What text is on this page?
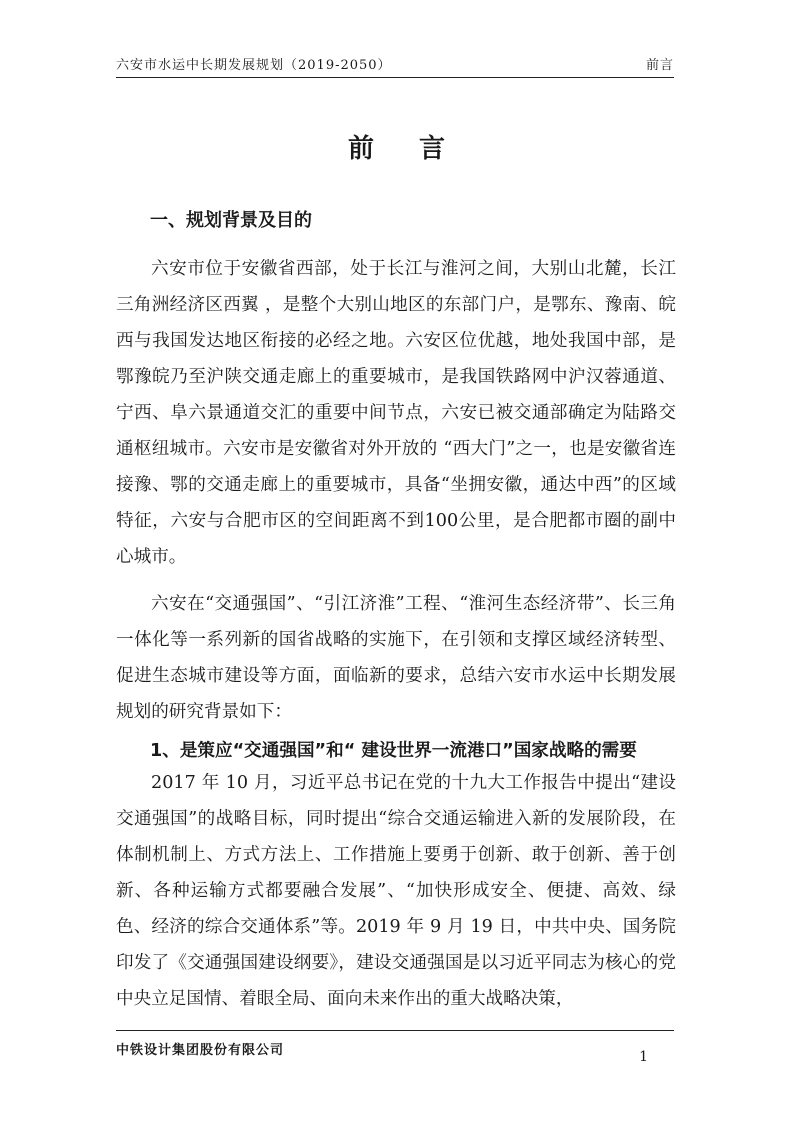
六安市水运中长期发展规划（2019-2050）	前言
前 言
一、规划背景及目的

六安市位于安徽省西部，处于长江与淮河之间，大别山北麓，长江三角洲经济区西翼 ，是整个大别山地区的东部门户，是鄂东、豫南、皖西与我国发达地区衔接的必经之地。六安区位优越，地处我国中部，是鄂豫皖乃至沪陕交通走廊上的重要城市，是我国铁路网中沪汉蓉通道、宁西、阜六景通道交汇的重要中间节点，六安已被交通部确定为陆路交通枢纽城市。六安市是安徽省对外开放的 “西大门”之一，也是安徽省连接豫、鄂的交通走廊上的重要城市，具备“坐拥安徽，通达中西”的区域特征，六安与合肥市区的空间距离不到100公里，是合肥都市圈的副中心城市。

六安在“交通强国”、“引江济淮”工程、“淮河生态经济带”、长三角一体化等一系列新的国省战略的实施下，在引领和支撑区域经济转型、促进生态城市建设等方面，面临新的要求，总结六安市水运中长期发展规划的研究背景如下：

1、是策应“交通强国”和“ 建设世界一流港口”国家战略的需要

2017 年 10 月，习近平总书记在党的十九大工作报告中提出“建设交通强国”的战略目标，同时提出“综合交通运输进入新的发展阶段，在体制机制上、方式方法上、工作措施上要勇于创新、敢于创新、善于创新、各种运输方式都要融合发展”、“加快形成安全、便捷、高效、绿色、经济的综合交通体系”等。2019 年 9 月 19 日，中共中央、国务院印发了《交通强国建设纲要》，建设交通强国是以习近平同志为核心的党中央立足国情、着眼全局、面向未来作出的重大战略决策，

中铁设计集团股份有限公司	1
